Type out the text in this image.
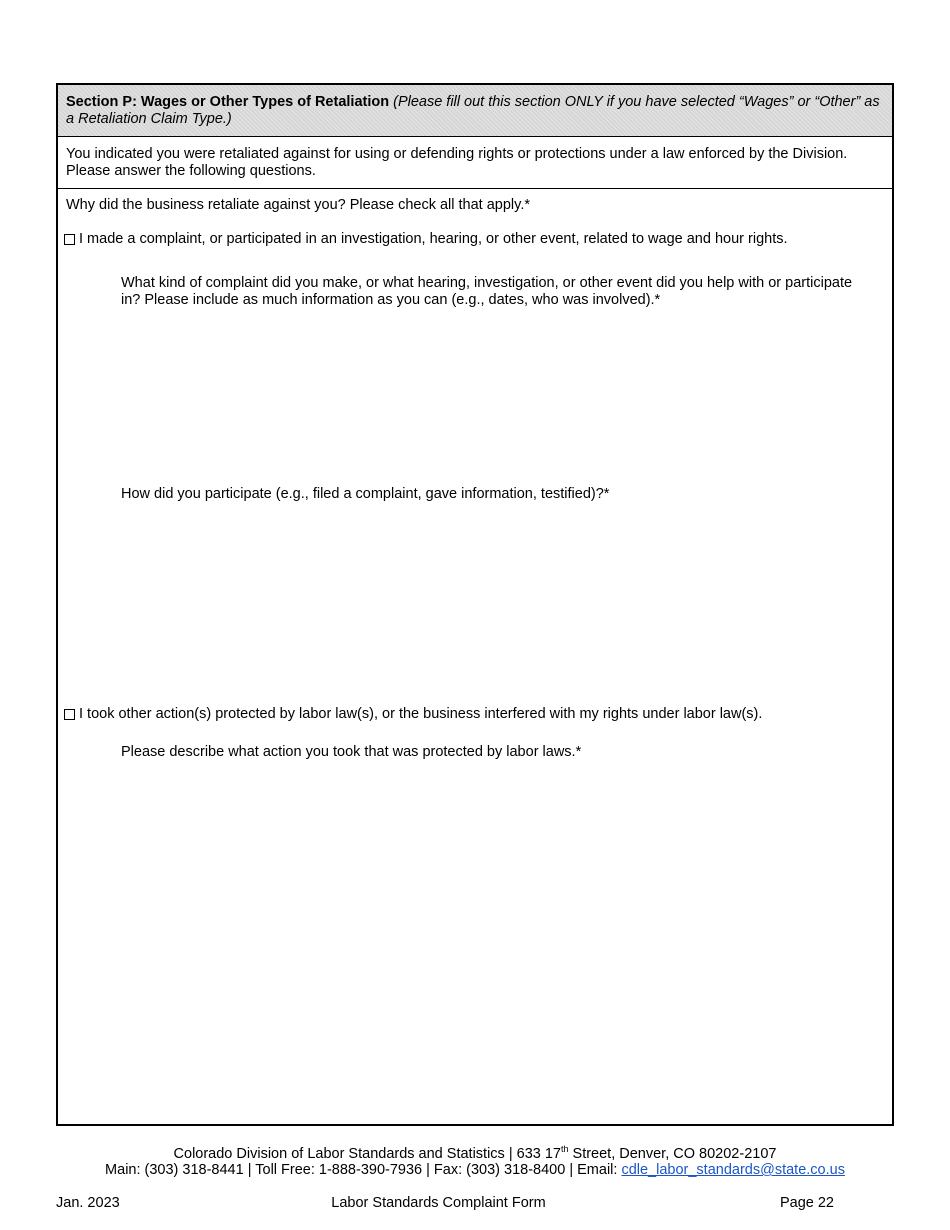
Section P: Wages or Other Types of Retaliation (Please fill out this section ONLY if you have selected “Wages” or “Other” as a Retaliation Claim Type.)
You indicated you were retaliated against for using or defending rights or protections under a law enforced by the Division. Please answer the following questions.
Why did the business retaliate against you? Please check all that apply.*
I made a complaint, or participated in an investigation, hearing, or other event, related to wage and hour rights.
What kind of complaint did you make, or what hearing, investigation, or other event did you help with or participate in? Please include as much information as you can (e.g., dates, who was involved).*
How did you participate (e.g., filed a complaint, gave information, testified)?*
I took other action(s) protected by labor law(s), or the business interfered with my rights under labor law(s).
Please describe what action you took that was protected by labor laws.*
Colorado Division of Labor Standards and Statistics | 633 17th Street, Denver, CO 80202-2107
Main: (303) 318-8441 | Toll Free: 1-888-390-7936 | Fax: (303) 318-8400 | Email: cdle_labor_standards@state.co.us
Jan. 2023	Labor Standards Complaint Form	Page 22
